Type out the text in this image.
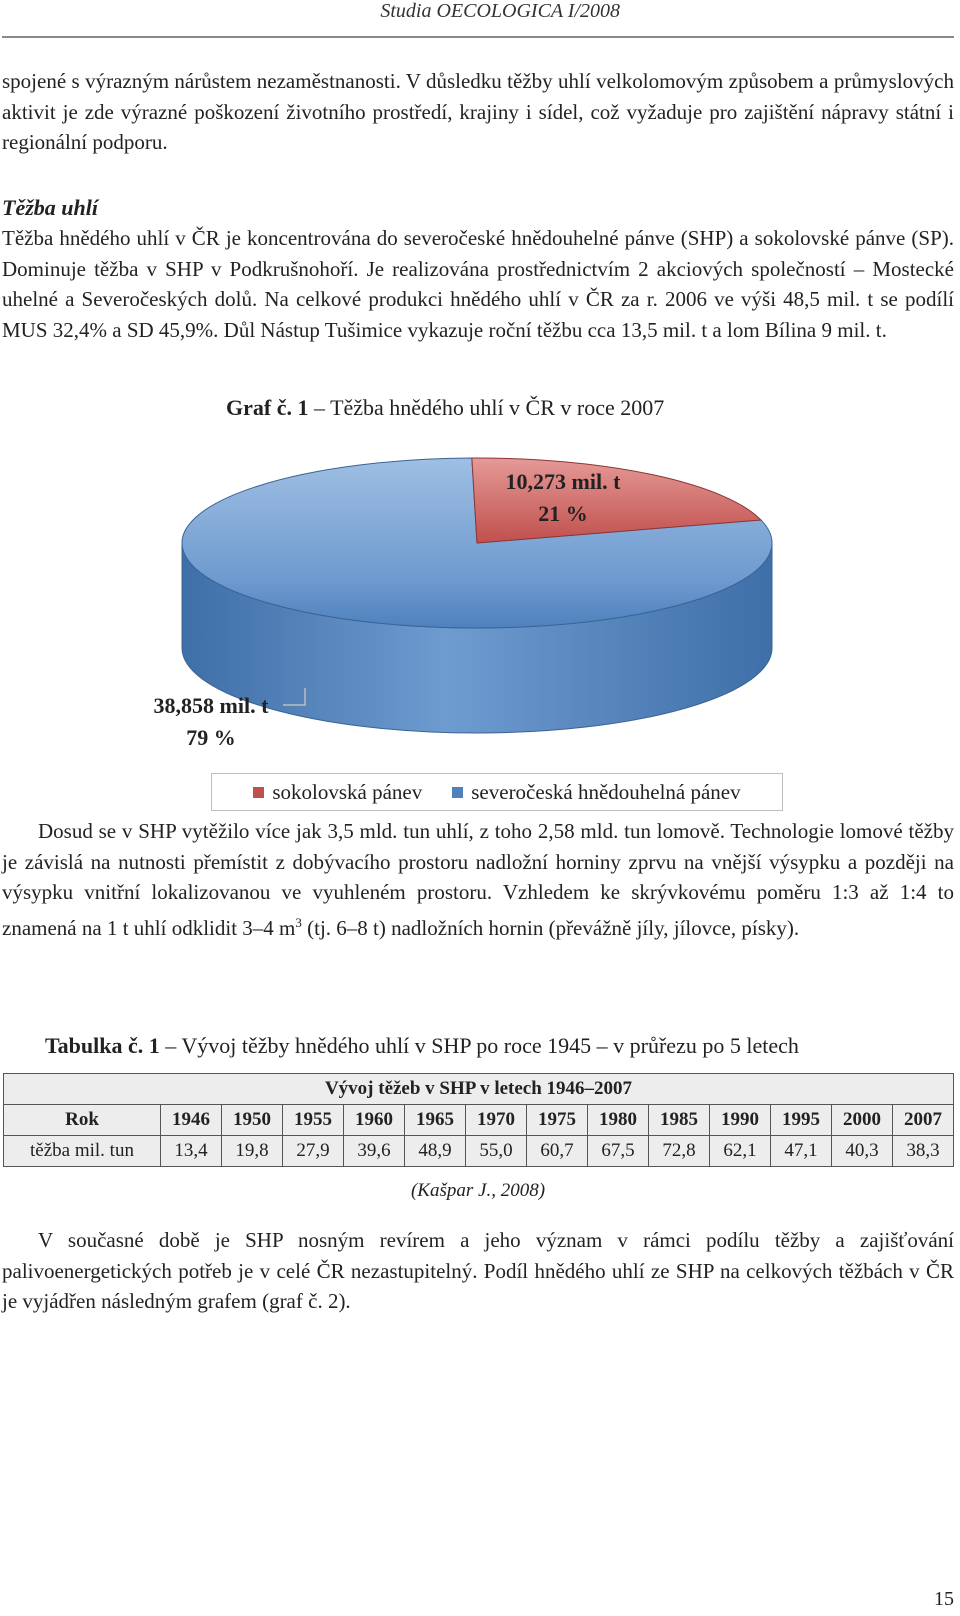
Studia OECOLOGICA I/2008

spojené s výrazným nárůstem nezaměstnanosti. V důsledku těžby uhlí velkolomovým způsobem a průmyslových aktivit je zde výrazné poškození životního prostředí, krajiny i sídel, což vyžaduje pro zajištění nápravy státní i regionální podporu.

Těžba uhlí

Těžba hnědého uhlí v ČR je koncentrována do severočeské hnědouhelné pánve (SHP) a sokolovské pánve (SP). Dominuje těžba v SHP v Podkrušnohoří. Je realizována prostřednictvím 2 akciových společností – Mostecké uhelné a Severočeských dolů. Na celkové produkci hnědého uhlí v ČR za r. 2006 ve výši 48,5 mil. t se podílí MUS 32,4% a SD 45,9%. Důl Nástup Tušimice vykazuje roční těžbu cca 13,5 mil. t a lom Bílina 9 mil. t.

Graf č. 1 – Těžba hnědého uhlí v ČR v roce 2007

10,273 mil. t
21 %
38,858 mil. t
79 %
sokolovská pánev severočeská hnědouhelná pánev

Dosud se v SHP vytěžilo více jak 3,5 mld. tun uhlí, z toho 2,58 mld. tun lomově. Technologie lomové těžby je závislá na nutnosti přemístit z dobývacího prostoru nadložní horniny zprvu na vnější výsypku a později na výsypku vnitřní lokalizovanou ve vyuhleném prostoru. Vzhledem ke skrývkovému poměru 1:3 až 1:4 to znamená na 1 t uhlí odklidit 3–4 $m^3$ (tj. 6–8 t) nadložních hornin (převážně jíly, jílovce, písky).

Tabulka č. 1 – Vývoj těžby hnědého uhlí v SHP po roce 1945 – v průřezu po 5 letech

Vývoj těžeb v SHP v letech 1946–2007													
Rok	1946	1950	1955	1960	1965	1970	1975	1980	1985	1990	1995	2000	2007
těžba mil. tun	13,4	19,8	27,9	39,6	48,9	55,0	60,7	67,5	72,8	62,1	47,1	40,3	38,3
(Kašpar J., 2008)

V současné době je SHP nosným revírem a jeho význam v rámci podílu těžby a zajišťování palivoenergetických potřeb je v celé ČR nezastupitelný. Podíl hnědého uhlí ze SHP na celkových těžbách v ČR je vyjádřen následným grafem (graf č. 2).

15
